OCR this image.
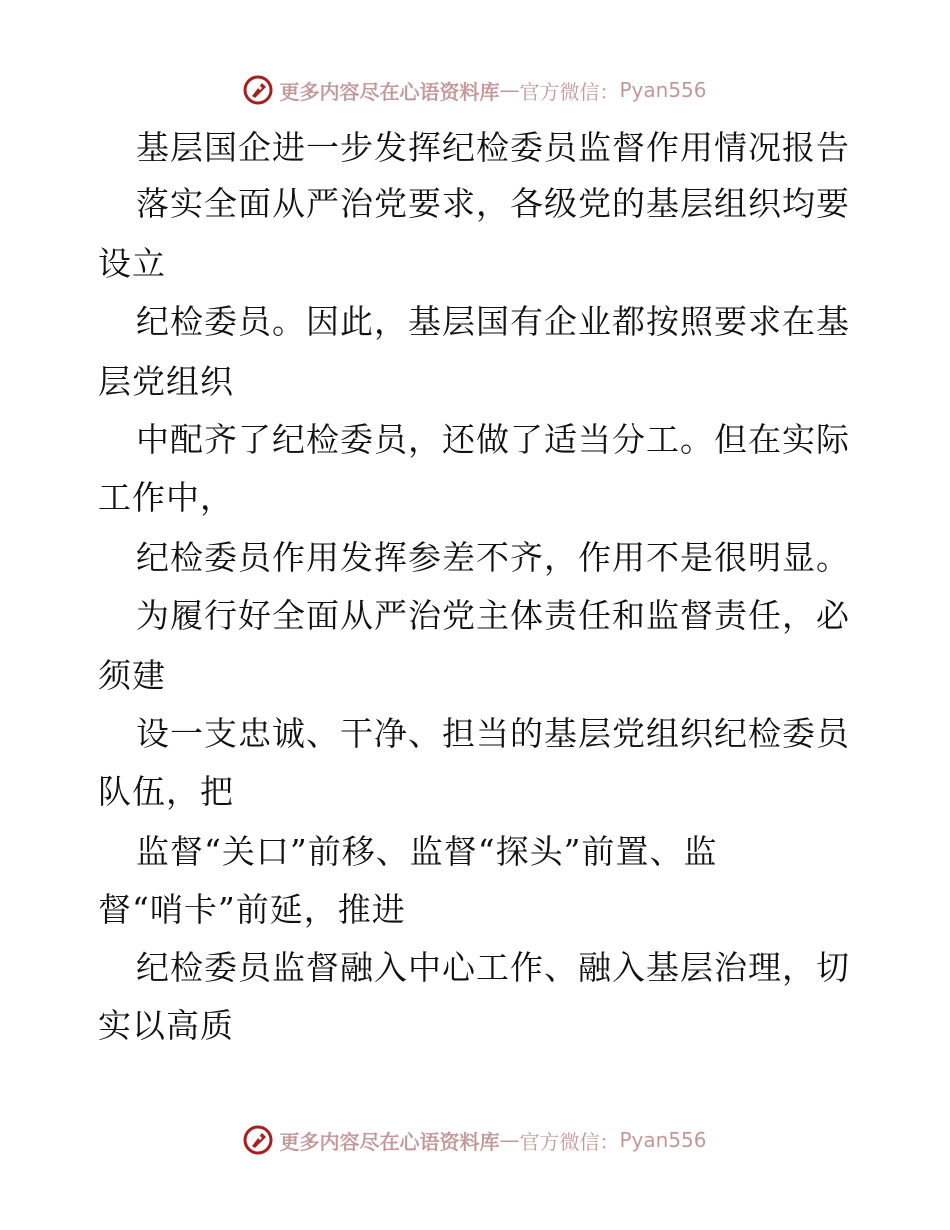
更多内容尽在心语资料库 — 官方微信： Pyan556
基层国企进一步发挥纪检委员监督作用情况报告
落实全面从严治党要求，各级党的基层组织均要
设立
纪检委员。因此，基层国有企业都按照要求在基
层党组织
中配齐了纪检委员，还做了适当分工。但在实际
工作中，
纪检委员作用发挥参差不齐，作用不是很明显。
为履行好全面从严治党主体责任和监督责任，必
须建
设一支忠诚、干净、担当的基层党组织纪检委员
队伍，把
监督“关口”前移、监督“探头”前置、监
督“哨卡”前延，推进
纪检委员监督融入中心工作、融入基层治理，切
实以高质
更多内容尽在心语资料库 — 官方微信： Pyan556
